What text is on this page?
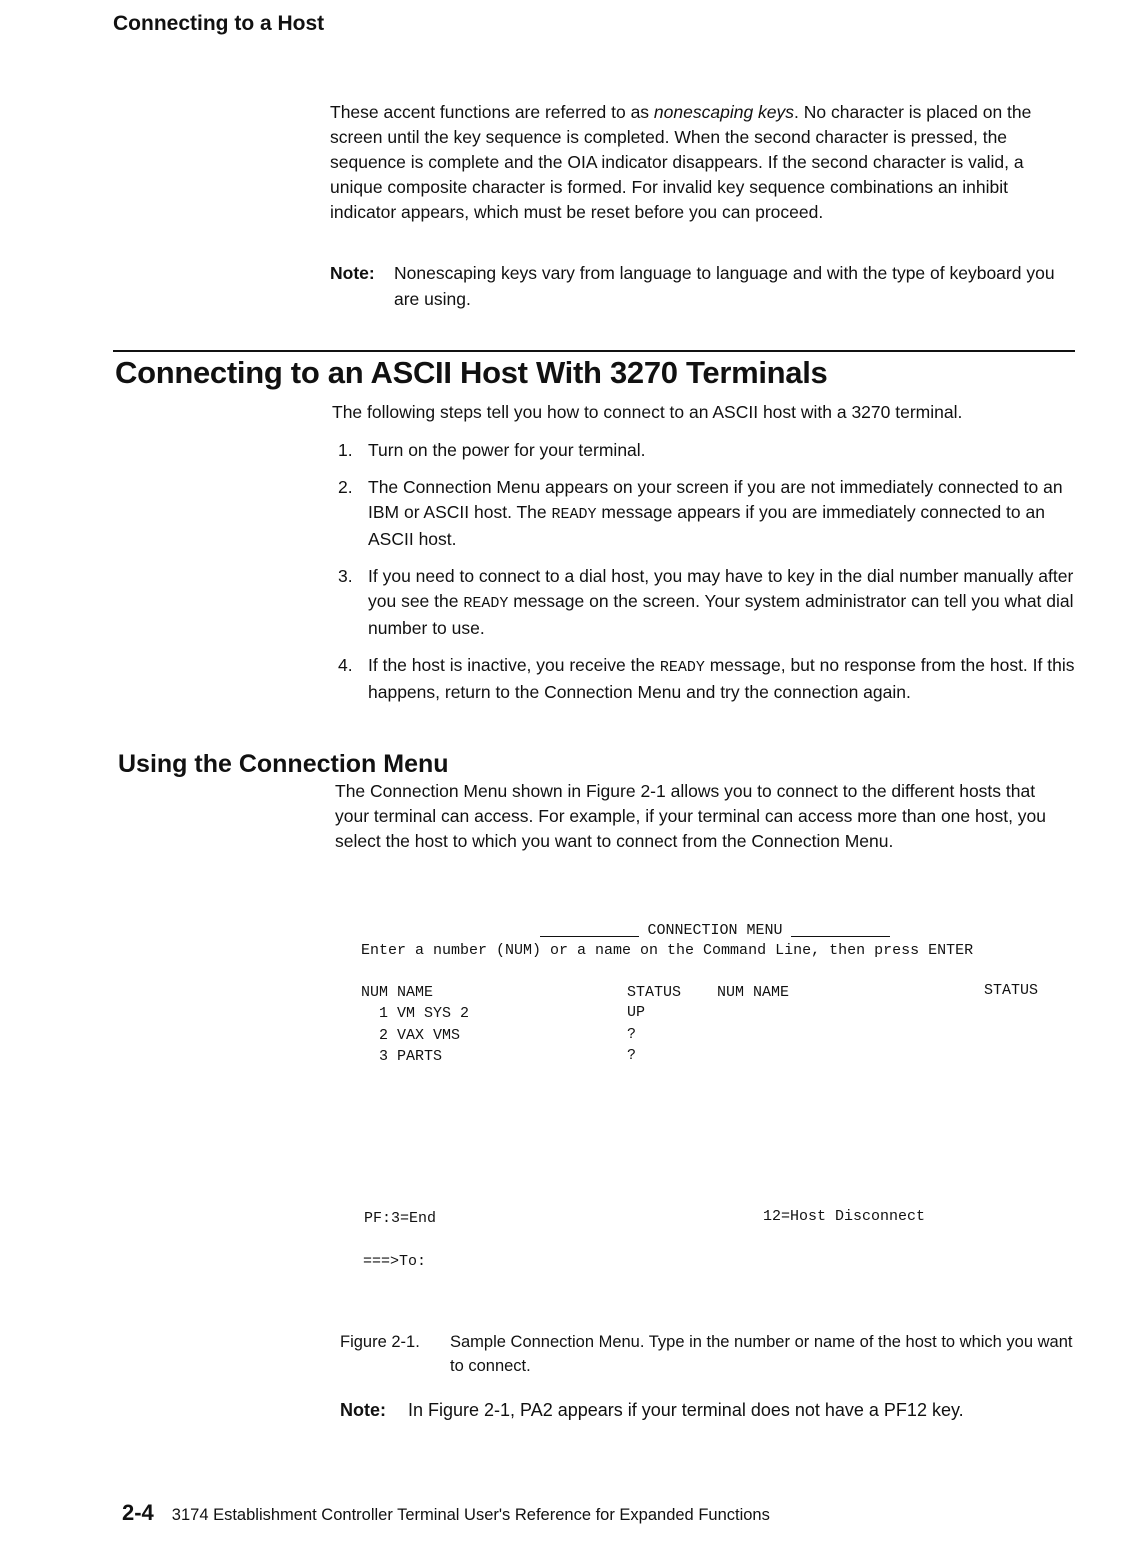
Connecting to a Host
These accent functions are referred to as nonescaping keys. No character is placed on the screen until the key sequence is completed. When the second character is pressed, the sequence is complete and the OIA indicator disappears. If the second character is valid, a unique composite character is formed. For invalid key sequence combinations an inhibit indicator appears, which must be reset before you can proceed.
Note:	Nonescaping keys vary from language to language and with the type of keyboard you are using.
Connecting to an ASCII Host With 3270 Terminals
The following steps tell you how to connect to an ASCII host with a 3270 terminal.
1. Turn on the power for your terminal.
2. The Connection Menu appears on your screen if you are not immediately connected to an IBM or ASCII host. The READY message appears if you are immediately connected to an ASCII host.
3. If you need to connect to a dial host, you may have to key in the dial number manually after you see the READY message on the screen. Your system administrator can tell you what dial number to use.
4. If the host is inactive, you receive the READY message, but no response from the host. If this happens, return to the Connection Menu and try the connection again.
Using the Connection Menu
The Connection Menu shown in Figure 2-1 allows you to connect to the different hosts that your terminal can access. For example, if your terminal can access more than one host, you select the host to which you want to connect from the Connection Menu.
CONNECTION MENU
Enter a number (NUM) or a name on the Command Line, then press ENTER
NUM NAME	STATUS NUM NAME	STATUS
1 VM SYS 2	UP
2 VAX VMS	?
3 PARTS	?
PF:3=End	12=Host Disconnect
===>To:
Figure 2-1.	Sample Connection Menu. Type in the number or name of the host to which you want to connect.
Note:	In Figure 2-1, PA2 appears if your terminal does not have a PF12 key.
2-4 3174 Establishment Controller Terminal User's Reference for Expanded Functions
